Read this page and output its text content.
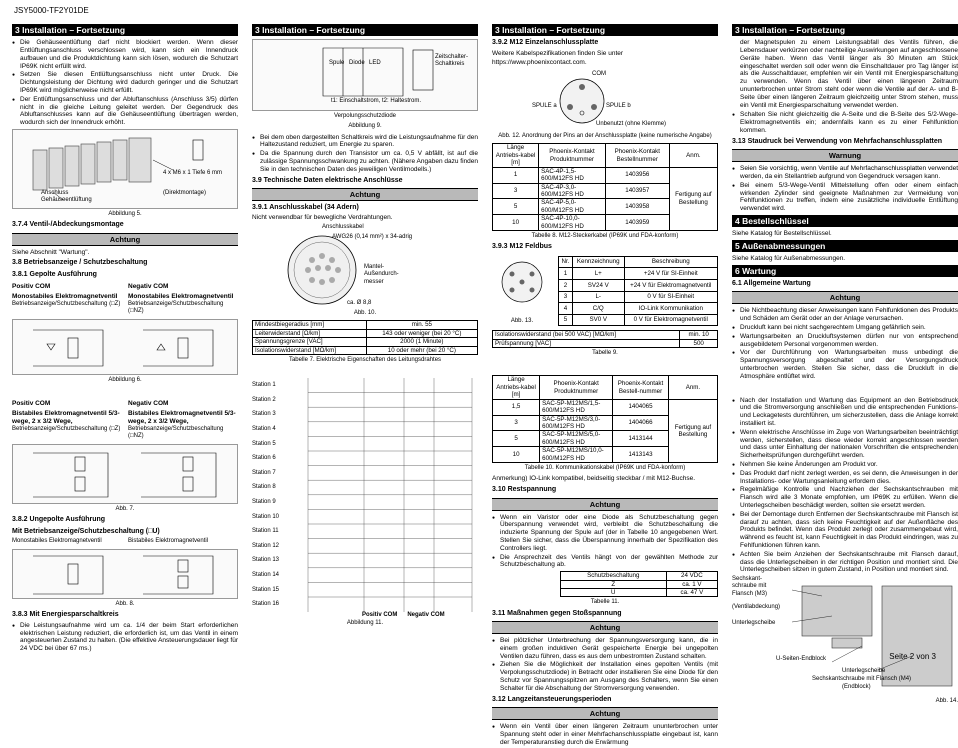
JSY5000-TF2Y01DE
3 Installation – Fortsetzung
● Die Gehäuseentlüftung darf nicht blockiert werden. Wenn dieser Entlüftungsanschluss verschlossen wird, kann sich ein Innendruck aufbauen und die Produktdichtung kann sich lösen, wodurch die Schutzart IP69K nicht erfüllt wird.
● Setzen Sie diesen Entlüftungsanschluss nicht unter Druck. Die Dichtungsleistung der Dichtung wird dadurch geringer und die Schutzart IP69K wird möglicherweise nicht erfüllt.
● Der Entlüftungsanschluss und der Abluftanschluss (Anschluss 3/5) dürfen nicht in die gleiche Leitung geleitet werden. Der Gegendruck des Abluftanschlusses kann auf die Gehäuseentlüftung übertragen werden, wodurch sich der Innendruck erhöht.
Anschluss Gehäuseentlüftung
4 x M6 x 1 Tiefe 6 mm
(Direktmontage)
Abbildung 5.
3.7.4 Ventil-/Abdeckungsmontage
Achtung
Siehe Abschnitt "Wartung".
3.8 Betriebsanzeige / Schutzbeschaltung
3.8.1 Gepolte Ausführung
Positiv COM
Monostabiles Elektromagnetventil
Betriebsanzeige/Schutzbeschaltung (□Z)
Negativ COM
Monostabiles Elektromagnetventil
Betriebsanzeige/Schutzbeschaltung (□NZ)
Abbildung 6.
Positiv COM
Bistabiles Elektromagnetventil 5/3-wege, 2 x 3/2 Wege,
Betriebsanzeige/Schutzbeschaltung (□Z)
Negativ COM
Bistabiles Elektromagnetventil 5/3-wege, 2 x 3/2 Wege,
Betriebsanzeige/Schutzbeschaltung (□NZ)
Abb. 7.
3.8.2 Ungepolte Ausführung
Mit Betriebsanzeige/Schutzbeschaltung (□U)
Monostabiles Elektromagnetventil	Bistabiles Elektromagnetventil
Abb. 8.
3.8.3 Mit Energiesparschaltkreis
● Die Leistungsaufnahme wird um ca. 1/4 der beim Start erforderlichen elektrischen Leistung reduziert, die erforderlich ist, um das Ventil in einem angesteuerten Zustand zu halten. (Die effektive Ansteuerungsdauer liegt für 24 VDC bei über 67 ms.)
3 Installation – Fortsetzung
Spule Diode LED
Zeitschalter-Schaltkreis
t1: Einschaltstrom, t2: Haltestrom.
Verpolungsschutzdiode
Abbildung 9.
● Bei dem oben dargestellten Schaltkreis wird die Leistungsaufnahme für den Haltezustand reduziert, um Energie zu sparen.
● Da die Spannung durch den Transistor um ca. 0,5 V abfällt, ist auf die zulässige Spannungsschwankung zu achten. (Nähere Angaben dazu finden Sie in den technischen Daten des jeweiligen Ventilmodells.)
3.9 Technische Daten elektrische Anschlüsse
Achtung
3.9.1 Anschlusskabel (34 Adern)
Nicht verwendbar für bewegliche Verdrahtungen.
Anschlusskabel
AWG26 (0,14 mm²) x 34-adrig
Mantel-Außendurch-messer
ca. Ø 8,8
Abb. 10.
Mindestbiegeradius [mm]	min. 55
Leiterwiderstand [Ω/km]	143 oder weniger (bei 20 °C)
Spannungsgrenze [VAC]	2000 (1 Minute)
Isolationswiderstand [MΩ/km]	10 oder mehr (bei 20 °C)
Tabelle 7. Elektrische Eigenschaften des Leitungsdrahtes
Station 1
Station 2
Station 3
Station 4
Station 5
Station 6
Station 7
Station 8
Station 9
Station 10
Station 11
Station 12
Station 13
Station 14
Station 15
Station 16
Positiv COM Negativ COM
Abbildung 11.
3 Installation – Fortsetzung
3.9.2 M12 Einzelanschlussplatte
Weitere Kabelspezifikationen finden Sie unter
https://www.phoenixcontact.com.
COM
SPULE a	SPULE b
Unbenutzt (ohne Klemme)
Abb. 12. Anordnung der Pins an der Anschlussplatte (keine numerische Angabe)
Länge Antriebs-kabel [m]	Phoenix-Kontakt Produktnummer	Phoenix-Kontakt Bestellnummer	Anm.
1	SAC-4P-1,5-600/M12FS HD	1403956	Fertigung auf Bestellung
3	SAC-4P-3,0-600/M12FS HD	1403957	
5	SAC-4P-5,0-600/M12FS HD	1403958	
10	SAC-4P-10,0-600/M12FS HD	1403959	
Tabelle 8. M12-Steckerkabel (IP69K und FDA-konform)
3.9.3 M12 Feldbus
Abb. 13.
Nr.	Kennzeichnung	Beschreibung
1	L+	+24 V für SI-Einheit
2	SV24 V	+24 V für Elektromagnetventil
3	L-	0 V für SI-Einheit
4	C/Q	IO-Link Kommunikation
5	SV0 V	0 V für Elektromagnetventil
Isolationswiderstand (bei 500 VAC) [MΩ/km]	min. 10
Prüfspannung [VAC]	500
Tabelle 9.
Länge Antriebs-kabel [m]	Phoenix-Kontakt Produktnummer	Phoenix-Kontakt Bestell-nummer	Anm.
1,5	SAC-5P-M12MS/1,5-600/M12FS HD	1404065	Fertigung auf Bestellung
3	SAC-5P-M12MS/3,0-600/M12FS HD	1404066	
5	SAC-5P-M12MS/5,0-600/M12FS HD	1413144	
10	SAC-5P-M12MS/10,0-600/M12FS HD	1413143	
Tabelle 10. Kommunikationskabel (IP69K und FDA-konform)
Anmerkung) IO-Link kompatibel, beidseitig steckbar / mit M12-Buchse.
3.10 Restspannung
Achtung
● Wenn ein Varistor oder eine Diode als Schutzbeschaltung gegen Überspannung verwendet wird, verbleibt die Schutzbeschaltung die induzierte Spannung der Spule auf (der in Tabelle 10 angegebenen Wert. Stellen Sie sicher, dass die Überspannung innerhalb der Spezifikation des Controllers liegt.
● Die Ansprechzeit des Ventils hängt von der gewählten Methode zur Schutzbeschaltung ab.
Schutzbeschaltung	24 VDC
Z	ca. 1 V
U	ca. 47 V
Tabelle 11.
3.11 Maßnahmen gegen Stoßspannung
Achtung
● Bei plötzlicher Unterbrechung der Spannungsversorgung kann, die in einem großen induktiven Gerät gespeicherte Energie bei ungepolten Ventilen dazu führen, dass es aus dem unbestromten Zustand schalten.
● Ziehen Sie die Möglichkeit der Installation eines gepolten Ventils (mit Verpolungsschutzdiode) in Betracht oder installieren Sie eine Diode für den Schutz vor Spannungsspitzen am Ausgang des Schalters, wenn Sie einen Schalter für die Abschaltung der Stromversorgung verwenden.
3.12 Langzeitansteuerungsperioden
Achtung
● Wenn ein Ventil über einen längeren Zeitraum ununterbrochen unter Spannung steht oder in einer Mehrfachanschlussplatte eingebaut ist, kann der Temperaturanstieg durch die Erwärmung
3 Installation – Fortsetzung
der Magnetspulen zu einem Leistungsabfall des Ventils führen, die Lebensdauer verkürzen oder nachteilige Auswirkungen auf angeschlossene Geräte haben. Wenn das Ventil länger als 30 Minuten am Stück eingeschaltet werden soll oder wenn die Einschaltdauer pro Tag länger ist als die Ausschaltdauer, empfehlen wir ein Ventil mit Energiesparschaltung zu verwenden. Wenn das Ventil über einen längeren Zeitraum ununterbrochen unter Strom steht oder wenn die Ventile auf der A- und B-Seite über einen längeren Zeitraum gleichzeitig unter Strom stehen, muss ein Ventil mit Energiesparschaltung verwendet werden.
● Schalten Sie nicht gleichzeitig die A-Seite und die B-Seite des 5/2-Wege-Elektromagnetventils ein; andernfalls kann es zu einer Fehlfunktion kommen.
3.13 Staudruck bei Verwendung von Mehrfachanschlussplatten
Warnung
● Seien Sie vorsichtig, wenn Ventile auf Mehrfachanschlussplatten verwendet werden, da ein Stellantrieb aufgrund von Gegendruck versagen kann.
● Bei einem 5/3-Wege-Ventil Mittelstellung offen oder einem einfach wirkenden Zylinder sind geeignete Maßnahmen zur Vermeidung von Fehlfunktionen zu treffen, indem eine zusätzliche individuelle Entlüftung verwendet wird.
4 Bestellschlüssel
Siehe Katalog für Bestellschlüssel.
5 Außenabmessungen
Siehe Katalog für Außenabmessungen.
6 Wartung
6.1 Allgemeine Wartung
Achtung
● Die Nichtbeachtung dieser Anweisungen kann Fehlfunktionen des Produkts und Schäden am Gerät oder an der Anlage verursachen.
● Druckluft kann bei nicht sachgerechtem Umgang gefährlich sein.
● Wartungsarbeiten an Druckluftsystemen dürfen nur von entsprechend ausgebildetem Personal vorgenommen werden.
● Vor der Durchführung von Wartungsarbeiten muss unbedingt die Spannungsversorgung abgeschaltet und der Versorgungsdruck unterbrochen werden. Stellen Sie sicher, dass die Druckluft in die Atmosphäre entlüftet wird.
● Nach der Installation und Wartung das Equipment an den Betriebsdruck und die Stromversorgung anschließen und die entsprechenden Funktions- und Leckagetests durchführen, um sicherzustellen, dass die Anlage korrekt installiert ist.
● Wenn elektrische Anschlüsse im Zuge von Wartungsarbeiten beeinträchtigt werden, sicherstellen, dass diese wieder korrekt angeschlossen werden und dass unter Einhaltung der nationalen Vorschriften die entsprechenden Sicherheitsprüfungen durchgeführt werden.
● Nehmen Sie keine Änderungen am Produkt vor.
● Das Produkt darf nicht zerlegt werden, es sei denn, die Anweisungen in der Installations- oder Wartungsanleitung erfordern dies.
● Regelmäßige Kontrolle und Nachziehen der Sechskantschrauben mit Flansch wird alle 3 Monate empfohlen, um IP69K zu erfüllen. Wenn die Unterlegscheiben beschädigt werden, sollten sie ersetzt werden.
● Bei der Demontage durch Entfernen der Sechskantschraube mit Flansch ist darauf zu achten, dass sich keine Feuchtigkeit auf der Außenfläche des Produkts befindet. Wenn das Produkt zerlegt oder zusammengebaut wird, während es feucht ist, kann Feuchtigkeit in das Produkt eindringen, was zu Fehlfunktionen führen kann.
● Achten Sie beim Anziehen der Sechskantschraube mit Flansch darauf, dass die Unterlegscheiben in der richtigen Position und montiert sind. Die Unterlegscheiben sitzen in gutem Zustand, in Position und montiert sind.
Sechskant-schraube mit Flansch (M3)
(Ventilabdeckung)
Unterlegscheibe
U-Seiten-Endblock
Unterlegscheibe
Sechskantschraube mit Flansch (M4)
(Endblock)
Abb. 14.
Seite 2 von 3
